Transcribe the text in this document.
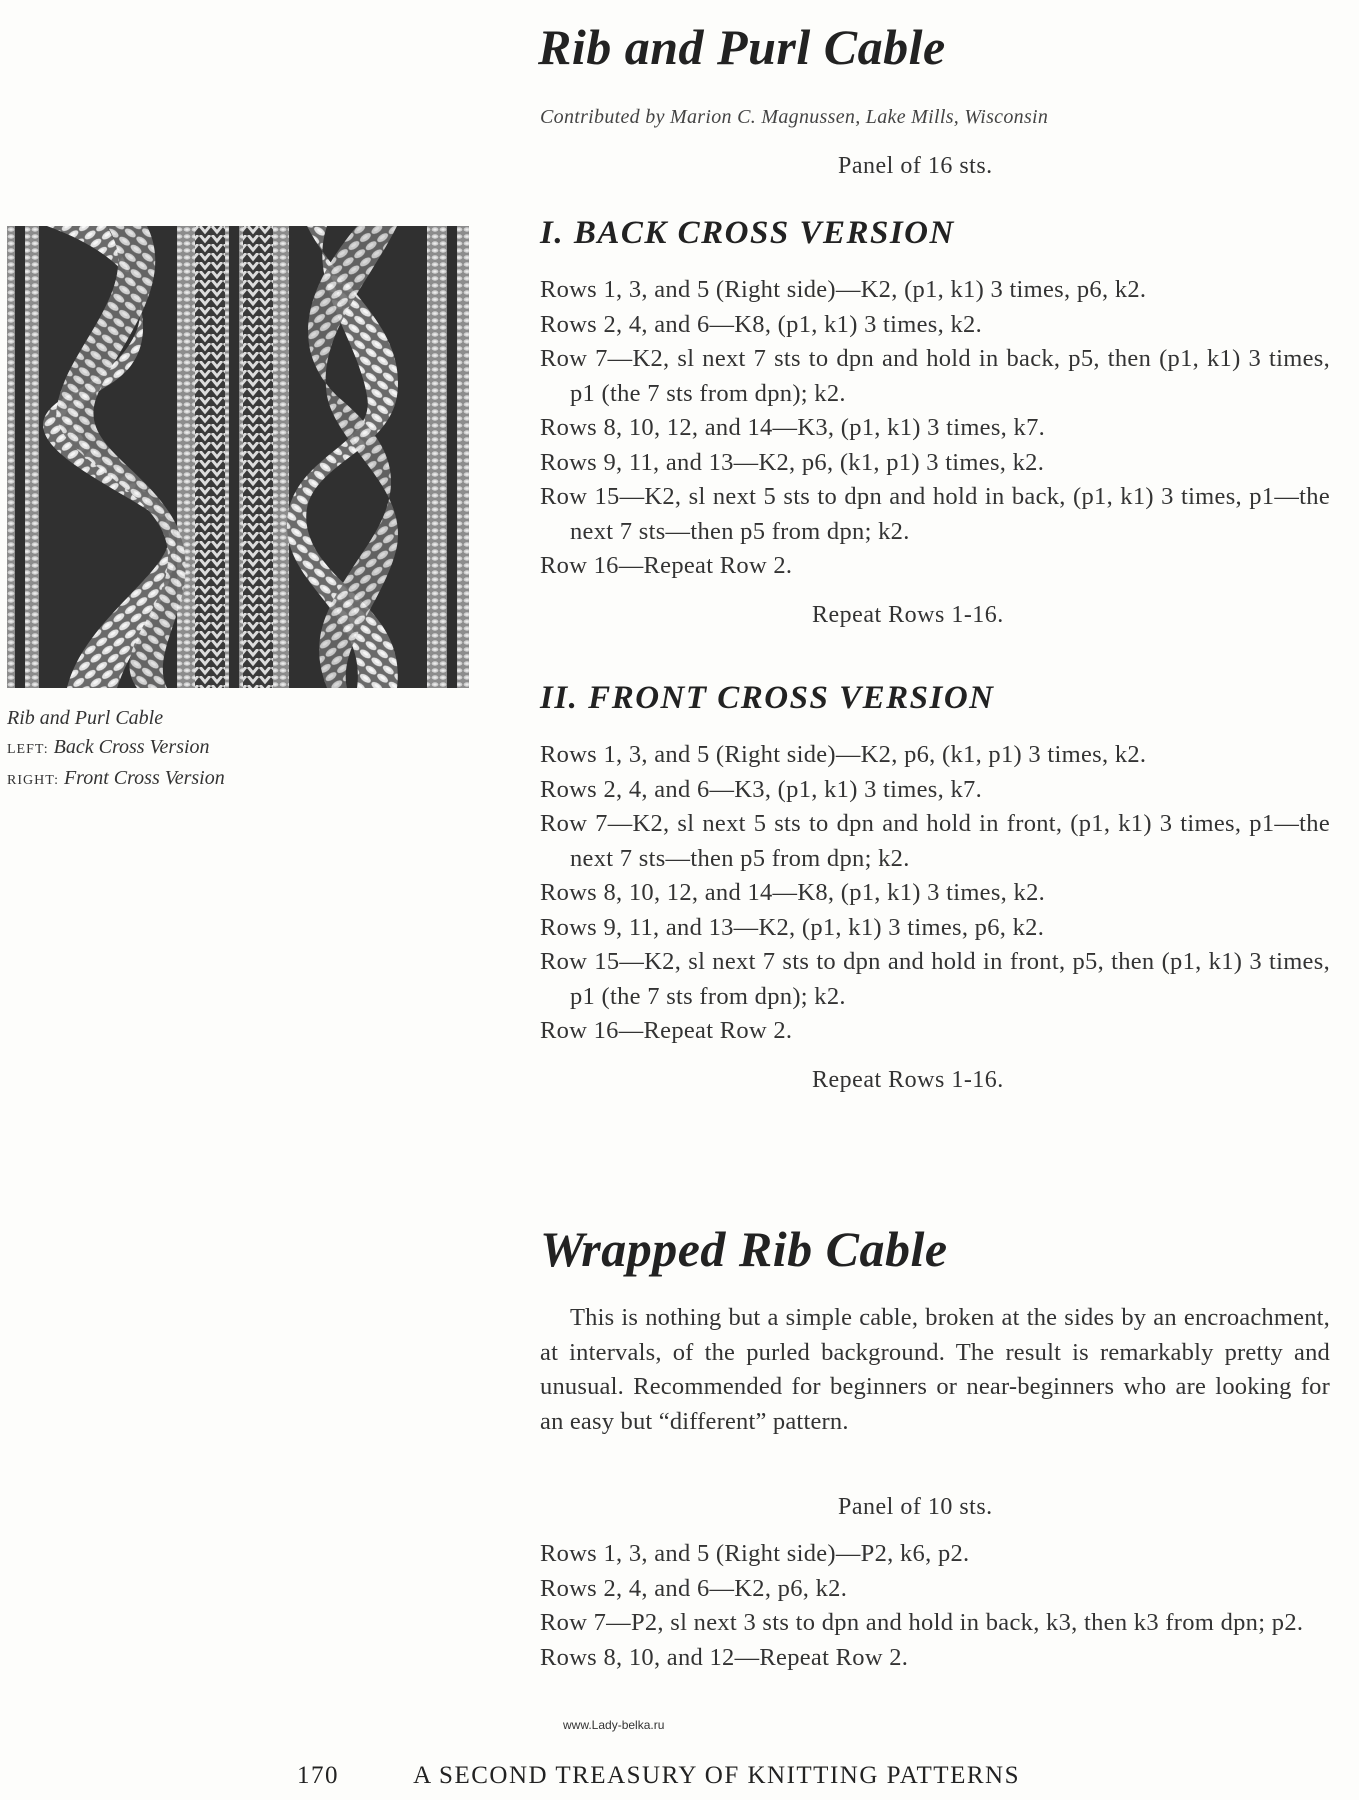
Rib and Purl Cable
LEFT: Back Cross Version
RIGHT: Front Cross Version
Rib and Purl Cable
Contributed by Marion C. Magnussen, Lake Mills, Wisconsin
Panel of 16 sts.
I. BACK CROSS VERSION
Rows 1, 3, and 5 (Right side)—K2, (p1, k1) 3 times, p6, k2.
Rows 2, 4, and 6—K8, (p1, k1) 3 times, k2.
Row 7—K2, sl next 7 sts to dpn and hold in back, p5, then (p1, k1) 3 times, p1 (the 7 sts from dpn); k2.
Rows 8, 10, 12, and 14—K3, (p1, k1) 3 times, k7.
Rows 9, 11, and 13—K2, p6, (k1, p1) 3 times, k2.
Row 15—K2, sl next 5 sts to dpn and hold in back, (p1, k1) 3 times, p1—the next 7 sts—then p5 from dpn; k2.
Row 16—Repeat Row 2.
Repeat Rows 1-16.
II. FRONT CROSS VERSION
Rows 1, 3, and 5 (Right side)—K2, p6, (k1, p1) 3 times, k2.
Rows 2, 4, and 6—K3, (p1, k1) 3 times, k7.
Row 7—K2, sl next 5 sts to dpn and hold in front, (p1, k1) 3 times, p1—the next 7 sts—then p5 from dpn; k2.
Rows 8, 10, 12, and 14—K8, (p1, k1) 3 times, k2.
Rows 9, 11, and 13—K2, (p1, k1) 3 times, p6, k2.
Row 15—K2, sl next 7 sts to dpn and hold in front, p5, then (p1, k1) 3 times, p1 (the 7 sts from dpn); k2.
Row 16—Repeat Row 2.
Repeat Rows 1-16.
Wrapped Rib Cable
This is nothing but a simple cable, broken at the sides by an encroachment, at intervals, of the purled background. The result is remarkably pretty and unusual. Recommended for beginners or near-beginners who are looking for an easy but “different” pattern.
Panel of 10 sts.
Rows 1, 3, and 5 (Right side)—P2, k6, p2.
Rows 2, 4, and 6—K2, p6, k2.
Row 7—P2, sl next 3 sts to dpn and hold in back, k3, then k3 from dpn; p2.
Rows 8, 10, and 12—Repeat Row 2.
www.Lady-belka.ru
170	A SECOND TREASURY OF KNITTING PATTERNS
